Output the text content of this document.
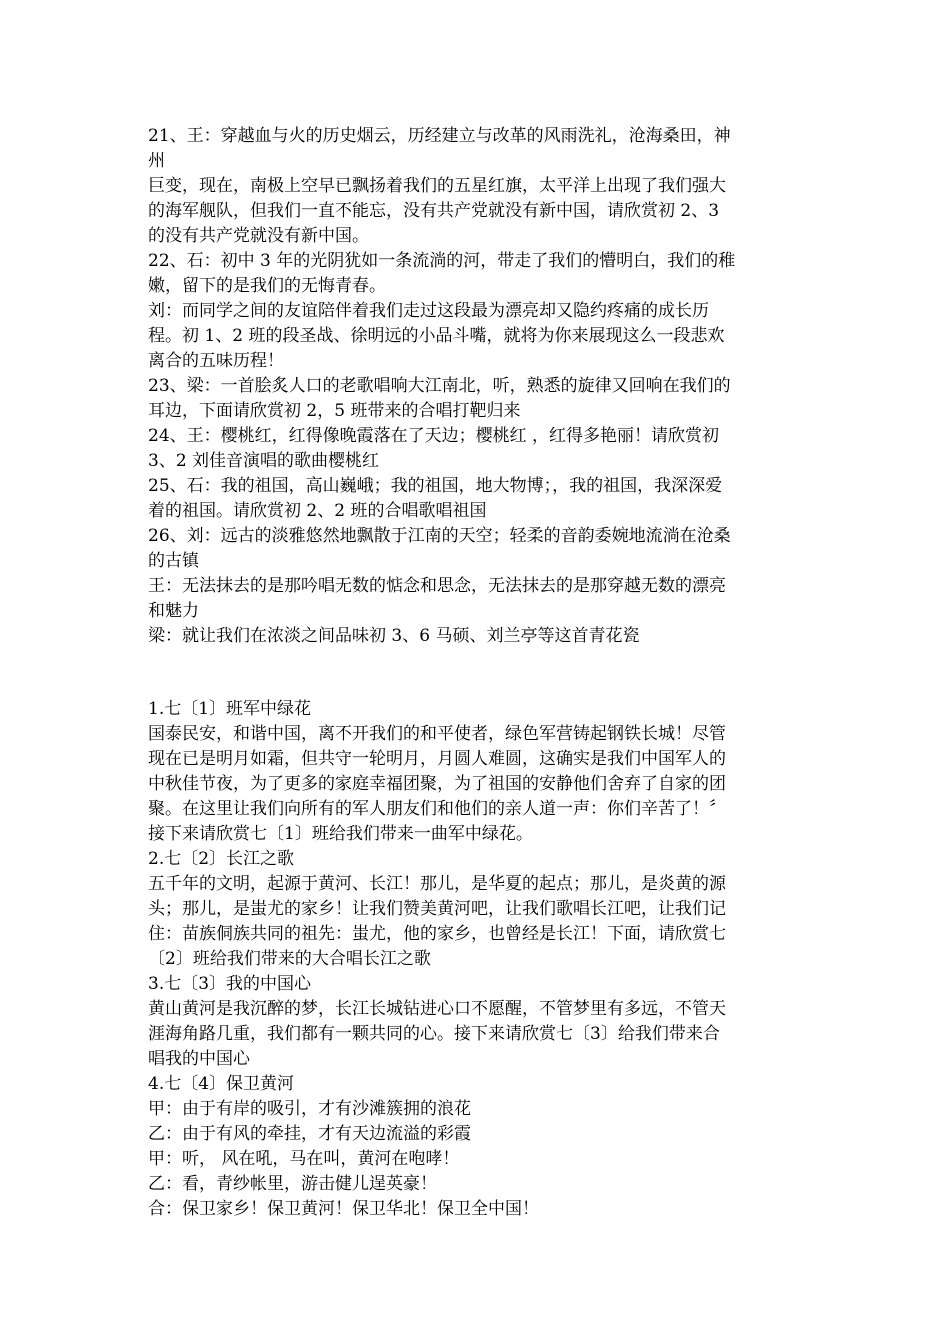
21、王：穿越血与火的历史烟云，历经建立与改革的风雨洗礼，沧海桑田，神
州
巨变，现在，南极上空早已飘扬着我们的五星红旗，太平洋上出现了我们强大
的海军舰队，但我们一直不能忘，没有共产党就没有新中国，请欣赏初 2、3
的没有共产党就没有新中国。
22、石：初中 3 年的光阴犹如一条流淌的河，带走了我们的懵明白，我们的稚
嫩，留下的是我们的无悔青春。
刘：而同学之间的友谊陪伴着我们走过这段最为漂亮却又隐约疼痛的成长历
程。初 1、2 班的段圣战、徐明远的小品斗嘴，就将为你来展现这么一段悲欢
离合的五味历程！
23、梁：一首脍炙人口的老歌唱响大江南北，听，熟悉的旋律又回响在我们的
耳边，下面请欣赏初 2，5 班带来的合唱打靶归来
24、王：樱桃红，红得像晚霞落在了天边；樱桃红 ，红得多艳丽！请欣赏初
3、2 刘佳音演唱的歌曲樱桃红
25、石：我的祖国，高山巍峨；我的祖国，地大物博；，我的祖国，我深深爱
着的祖国。请欣赏初 2、2 班的合唱歌唱祖国
26、刘：远古的淡雅悠然地飘散于江南的天空；轻柔的音韵委婉地流淌在沧桑
的古镇
王：无法抹去的是那吟唱无数的惦念和思念，无法抹去的是那穿越无数的漂亮
和魅力
梁：就让我们在浓淡之间品味初 3、6 马硕、刘兰亭等这首青花瓷
1.七〔1〕班军中绿花
国泰民安，和谐中国，离不开我们的和平使者，绿色军营铸起钢铁长城！尽管
现在已是明月如霜，但共守一轮明月，月圆人难圆，这确实是我们中国军人的
中秋佳节夜，为了更多的家庭幸福团聚，为了祖国的安静他们舍弃了自家的团
聚。在这里让我们向所有的军人朋友们和他们的亲人道一声：你们辛苦了！〞
接下来请欣赏七〔1〕班给我们带来一曲军中绿花。
2.七〔2〕长江之歌
五千年的文明，起源于黄河、长江！那儿，是华夏的起点；那儿，是炎黄的源
头；那儿，是蚩尤的家乡！让我们赞美黄河吧，让我们歌唱长江吧，让我们记
住：苗族侗族共同的祖先：蚩尤，他的家乡，也曾经是长江！下面，请欣赏七
〔2〕班给我们带来的大合唱长江之歌
3.七〔3〕我的中国心
黄山黄河是我沉醉的梦，长江长城钻进心口不愿醒，不管梦里有多远，不管天
涯海角路几重，我们都有一颗共同的心。接下来请欣赏七〔3〕给我们带来合
唱我的中国心
4.七〔4〕保卫黄河
甲：由于有岸的吸引，才有沙滩簇拥的浪花
乙：由于有风的牵挂，才有天边流溢的彩霞
甲：听， 风在吼，马在叫，黄河在咆哮！
乙：看，青纱帐里，游击健儿逞英豪！
合：保卫家乡！保卫黄河！保卫华北！保卫全中国！
